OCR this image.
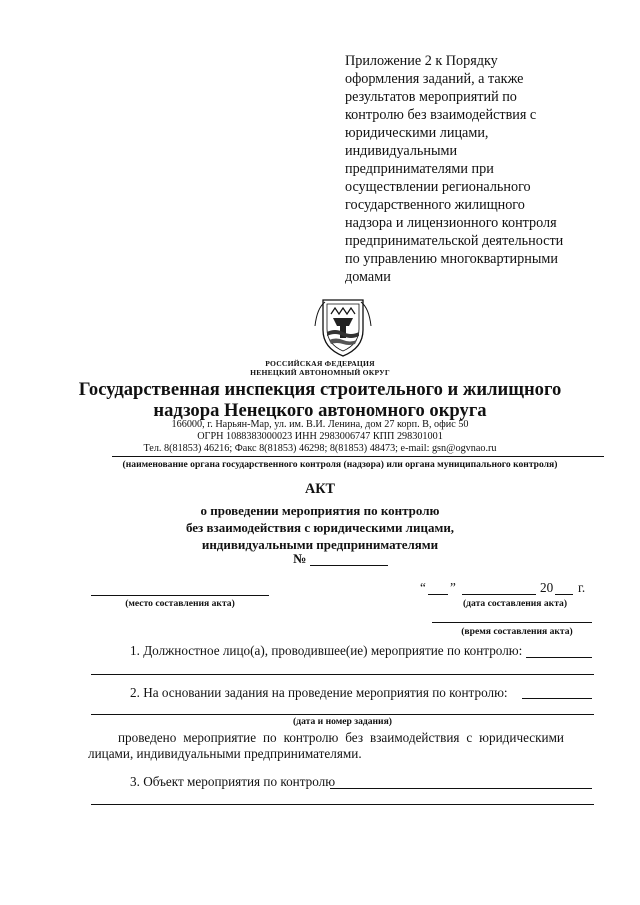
Приложение 2 к Порядку
оформления заданий, а также
результатов мероприятий по
контролю без взаимодействия с
юридическими лицами,
индивидуальными
предпринимателями при
осуществлении регионального
государственного жилищного
надзора и лицензионного контроля
предпринимательской деятельности
по управлению многоквартирными
домами
РОССИЙСКАЯ ФЕДЕРАЦИЯ
НЕНЕЦКИЙ АВТОНОМНЫЙ ОКРУГ
Государственная инспекция строительного и жилищного
надзора Ненецкого автономного округа
166000, г. Нарьян-Мар, ул. им. В.И. Ленина, дом 27 корп. В, офис 50
ОГРН 1088383000023 ИНН 2983006747 КПП 298301001
Тел. 8(81853) 46216; Факс 8(81853) 46298; 8(81853) 48473; e-mail: gsn@ogvnao.ru
(наименование органа государственного контроля (надзора) или органа муниципального контроля)
АКТ
о проведении мероприятия по контролю
без взаимодействия с юридическими лицами,
индивидуальными предпринимателями
№
(место составления акта)
“ ”	20 г.
(дата составления акта)
(время составления акта)
1. Должностное лицо(а), проводившее(ие) мероприятие по контролю:
2. На основании задания на проведение мероприятия по контролю:
(дата и номер задания)
проведено мероприятие по контролю без взаимодействия с юридическими лицами, индивидуальными предпринимателями.
3. Объект мероприятия по контролю
